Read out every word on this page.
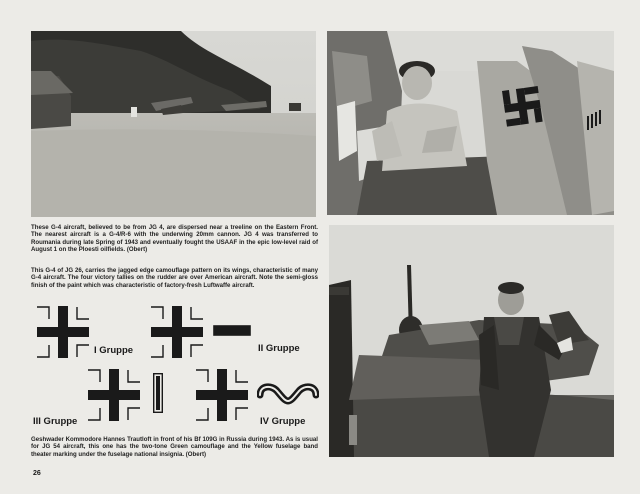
These G-4 aircraft, believed to be from JG 4, are dispersed near a treeline on the Eastern Front. The nearest aircraft is a G-4/R-6 with the underwing 20mm cannon. JG 4 was transferred to Roumania during late Spring of 1943 and eventually fought the USAAF in the epic low-level raid of August 1 on the Ploesti oilfields. (Obert)
This G-4 of JG 26, carries the jagged edge camouflage pattern on its wings, characteristic of many G-4 aircraft. The four victory tallies on the rudder are over American aircraft. Note the semi-gloss finish of the paint which was characteristic of factory-fresh Luftwaffe aircraft.
I Gruppe	II Gruppe
III Gruppe	IV Gruppe
Geshwader Kommodore Hannes Trautloft in front of his Bf 109G in Russia during 1943. As is usual for JG 54 aircraft, this one has the two-tone Green camouflage and the Yellow fuselage band theater marking under the fuselage national insignia. (Obert)
26
